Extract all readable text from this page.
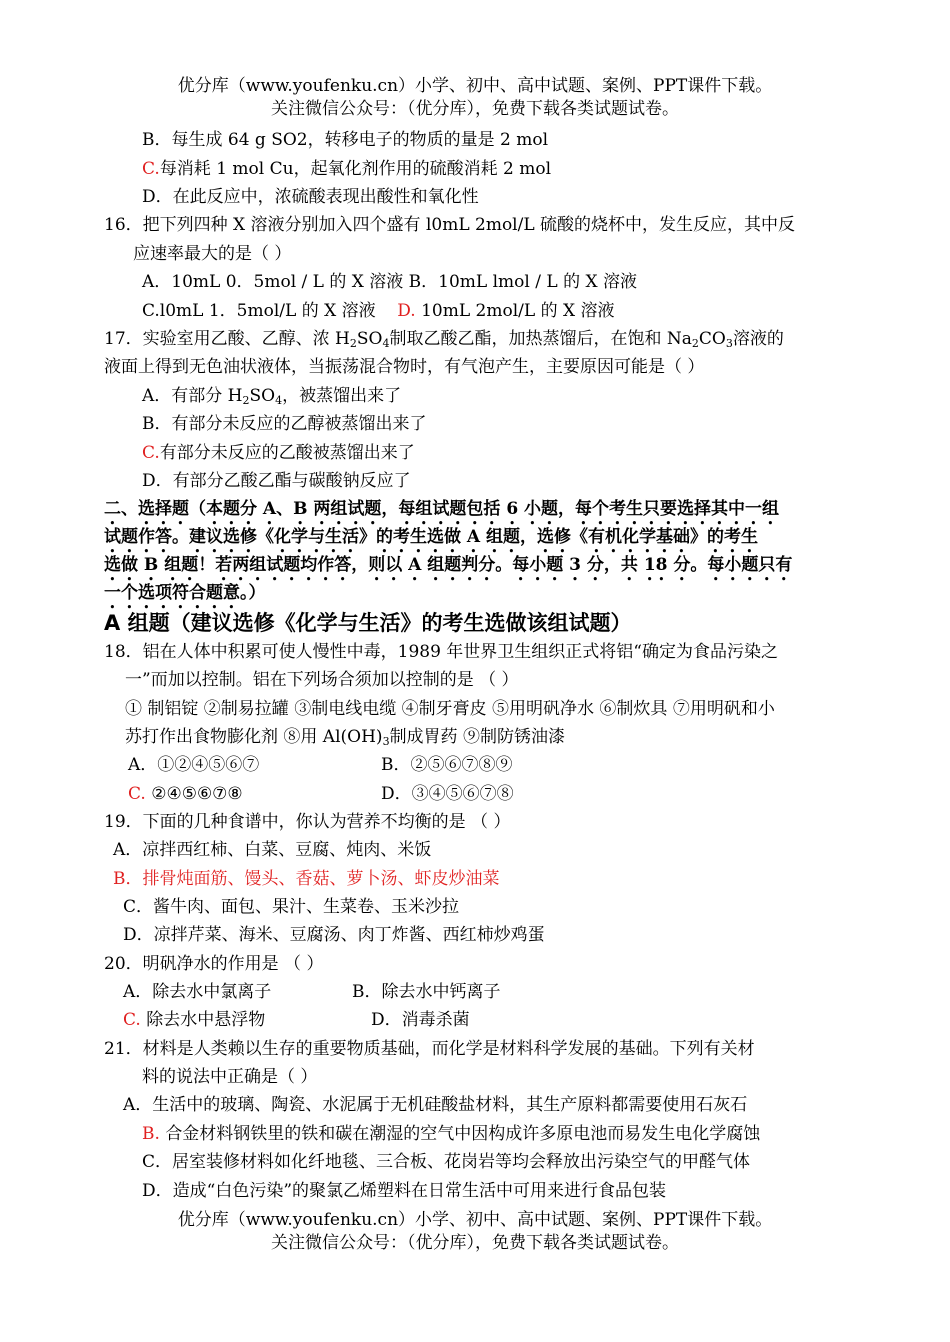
优分库（www.youfenku.cn）小学、初中、高中试题、案例、PPT课件下载。
关注微信公众号：（优分库），免费下载各类试题试卷。
B．每生成 64 g SO2，转移电子的物质的量是 2 mol
C.每消耗 1 mol Cu，起氧化剂作用的硫酸消耗 2 mol
D．在此反应中，浓硫酸表现出酸性和氧化性
16．把下列四种 X 溶液分别加入四个盛有 l0mL 2mol/L 硫酸的烧杯中，发生反应，其中反
应速率最大的是（ ）
A．10mL 0．5mol / L 的 X 溶液 B．10mL lmol / L 的 X 溶液
C.l0mL 1．5mol/L 的 X 溶液 D. 10mL 2mol/L 的 X 溶液
17．实验室用乙酸、乙醇、浓 $H_2SO_4$制取乙酸乙酯，加热蒸馏后，在饱和 $Na_2CO_3$溶液的
液面上得到无色油状液体，当振荡混合物时，有气泡产生，主要原因可能是（ ）
A．有部分 $H_2SO_4$，被蒸馏出来了
B．有部分未反应的乙醇被蒸馏出来了
C.有部分未反应的乙酸被蒸馏出来了
D．有部分乙酸乙酯与碳酸钠反应了
二、选择题（本题分 A、B 两组试题，每组试题包括 6 小题，每个考生只要选择其中一组
试题作答。建议选修《化学与生活》的考生选做 A 组题，选修《有机化学基础》的考生
选做 B 组题！若两组试题均作答，则以 A 组题判分。每小题 3 分，共 18 分。每小题只有
一个选项符合题意。）
A 组题（建议选修《化学与生活》的考生选做该组试题）
18．铝在人体中积累可使人慢性中毒，1989 年世界卫生组织正式将铝“确定为食品污染之
一”而加以控制。铝在下列场合须加以控制的是 （ ）
① 制铝锭 ②制易拉罐 ③制电线电缆 ④制牙膏皮 ⑤用明矾净水 ⑥制炊具 ⑦用明矾和小
苏打作出食物膨化剂 ⑧用 $Al(OH)_3$制成胃药 ⑨制防锈油漆
A．①②④⑤⑥⑦	B．②⑤⑥⑦⑧⑨
C. ②④⑤⑥⑦⑧	D．③④⑤⑥⑦⑧
19．下面的几种食谱中，你认为营养不均衡的是 （ ）
A．凉拌西红柿、白菜、豆腐、炖肉、米饭
B．排骨炖面筋、馒头、香菇、萝卜汤、虾皮炒油菜
C．酱牛肉、面包、果汁、生菜卷、玉米沙拉
D．凉拌芹菜、海米、豆腐汤、肉丁炸酱、西红柿炒鸡蛋
20．明矾净水的作用是 （ ）
A．除去水中氯离子	B．除去水中钙离子
C. 除去水中悬浮物	D．消毒杀菌
21．材料是人类赖以生存的重要物质基础，而化学是材料科学发展的基础。下列有关材
料的说法中正确是（ ）
A．生活中的玻璃、陶瓷、水泥属于无机硅酸盐材料，其生产原料都需要使用石灰石
B. 合金材料钢铁里的铁和碳在潮湿的空气中因构成许多原电池而易发生电化学腐蚀
C．居室装修材料如化纤地毯、三合板、花岗岩等均会释放出污染空气的甲醛气体
D．造成“白色污染”的聚氯乙烯塑料在日常生活中可用来进行食品包装
优分库（www.youfenku.cn）小学、初中、高中试题、案例、PPT课件下载。
关注微信公众号：（优分库），免费下载各类试题试卷。
